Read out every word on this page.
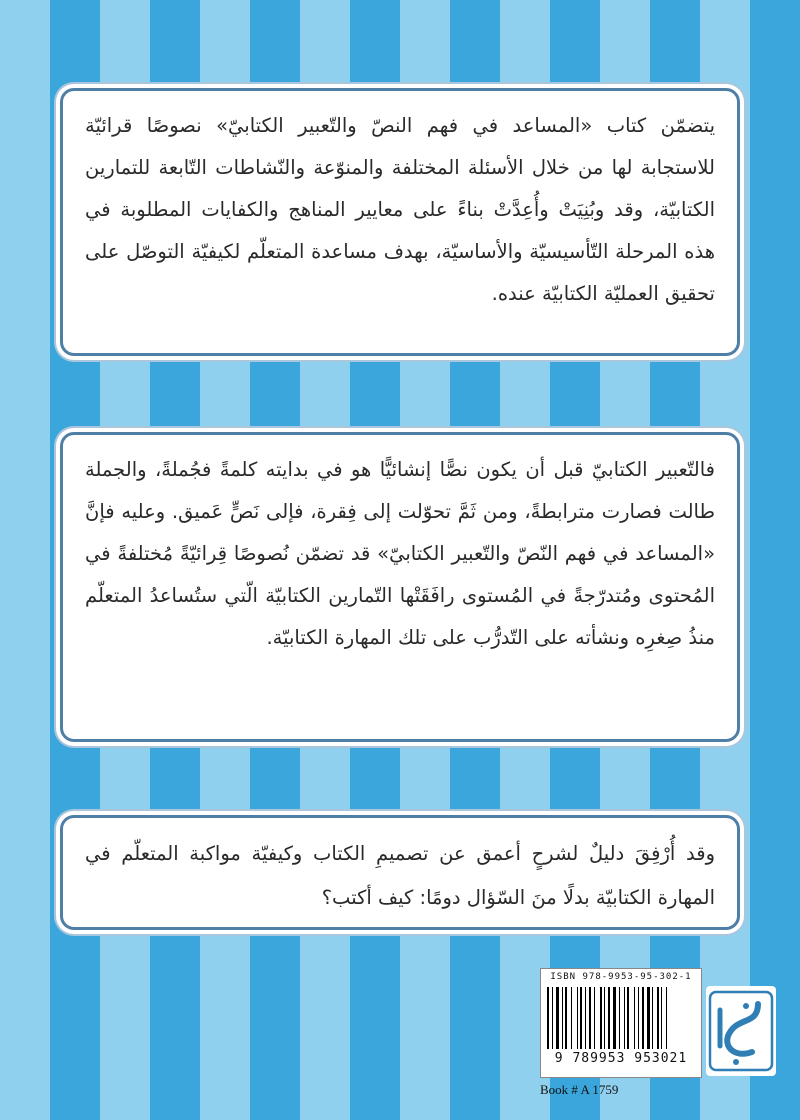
يتضمّن كتاب «المساعد في فهم النصّ والتّعبير الكتابيّ» نصوصًا قرائيّة للاستجابة لها من خلال الأسئلة المختلفة والمنوّعة والنّشاطات التّابعة للتمارين الكتابيّة، وقد وبُنِيَتْ وأُعِدَّتْ بناءً على معايير المناهج والكفايات المطلوبة في هذه المرحلة التّأسيسيّة والأساسيّة، بهدف مساعدة المتعلّم لكيفيّة التوصّل على تحقيق العمليّة الكتابيّة عنده.

فالتّعبير الكتابيّ قبل أن يكون نصًّا إنشائيًّا هو في بدايته كلمةً فجُملةً، والجملة طالت فصارت مترابطةً، ومن ثَمَّ تحوّلت إلى فِقرة، فإلى نَصٍّ عَميق. وعليه فإنَّ «المساعد في فهم النّصّ والتّعبير الكتابيّ» قد تضمّن نُصوصًا قِرائيّةً مُختلفةً في المُحتوى ومُتدرّجةً في المُستوى رافَقَتْها التّمارين الكتابيّة الّتي ستُساعدُ المتعلّم منذُ صِغرِه ونشأته على التّدرُّب على تلك المهارة الكتابيّة.

وقد أُرْفِقَ دليلٌ لشرحٍ أعمق عن تصميمِ الكتاب وكيفيّة مواكبة المتعلّم في المهارة الكتابيّة بدلًا منَ السّؤال دومًا: كيف أكتب؟

ISBN 978-9953-95-302-1
9 789953 953021
Book # A 1759
